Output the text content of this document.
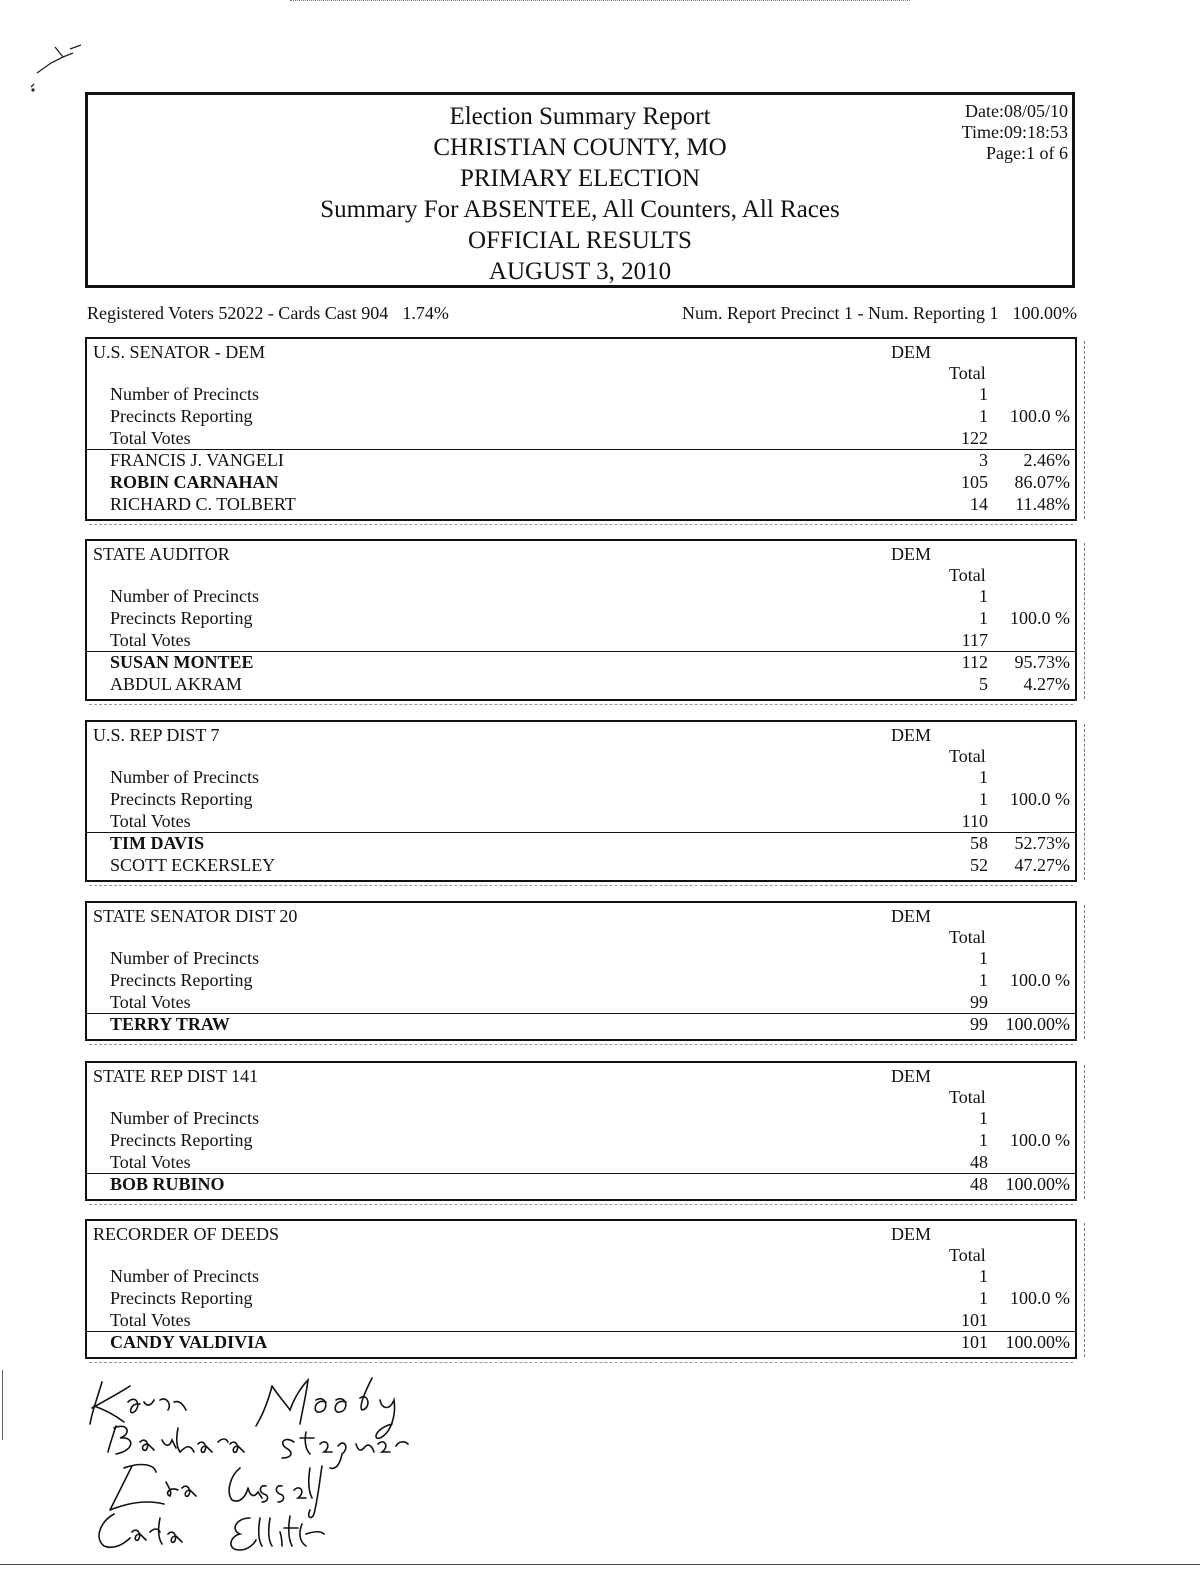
Election Summary Report
CHRISTIAN COUNTY, MO
PRIMARY ELECTION
Summary For ABSENTEE, All Counters, All Races
OFFICIAL RESULTS
AUGUST 3, 2010
Date:08/05/10
Time:09:18:53
Page:1 of 6
Registered Voters 52022 - Cards Cast 904 1.74%	Num. Report Precinct 1 - Num. Reporting 1 100.00%
U.S. SENATOR - DEM	DEM
Total
Number of Precincts	1
Precincts Reporting	1 100.0 %
Total Votes	122
FRANCIS J. VANGELI	3 2.46%
ROBIN CARNAHAN	105 86.07%
RICHARD C. TOLBERT	14 11.48%
STATE AUDITOR	DEM
Total
Number of Precincts	1
Precincts Reporting	1 100.0 %
Total Votes	117
SUSAN MONTEE	112 95.73%
ABDUL AKRAM	5 4.27%
U.S. REP DIST 7	DEM
Total
Number of Precincts	1
Precincts Reporting	1 100.0 %
Total Votes	110
TIM DAVIS	58 52.73%
SCOTT ECKERSLEY	52 47.27%
STATE SENATOR DIST 20	DEM
Total
Number of Precincts	1
Precincts Reporting	1 100.0 %
Total Votes	99
TERRY TRAW	99 100.00%
STATE REP DIST 141	DEM
Total
Number of Precincts	1
Precincts Reporting	1 100.0 %
Total Votes	48
BOB RUBINO	48 100.00%
RECORDER OF DEEDS	DEM
Total
Number of Precincts	1
Precincts Reporting	1 100.0 %
Total Votes	101
CANDY VALDIVIA	101 100.00%
